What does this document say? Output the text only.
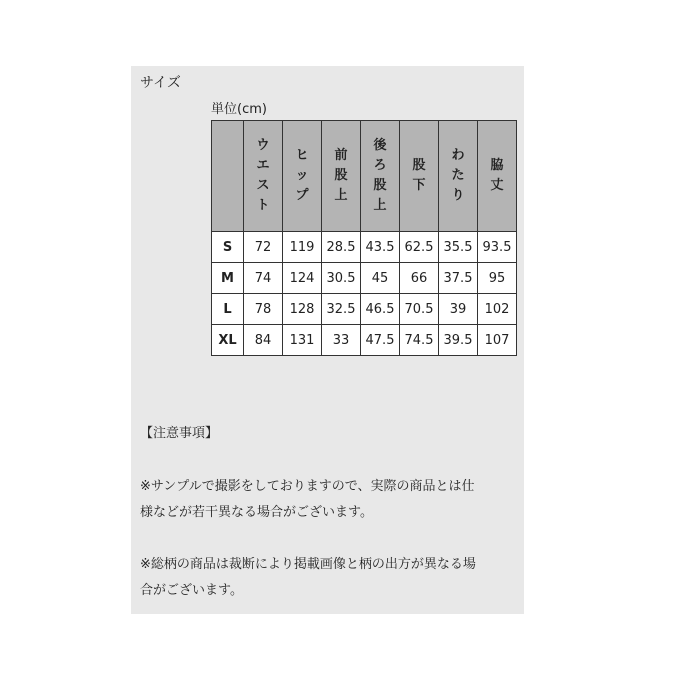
サイズ
単位(cm)

	ウ
エ
ス
ト	ヒ
ッ
プ	前
股
上	後
ろ
股
上	股
下	わ
た
り	脇
丈

S	72	119	28.5	43.5	62.5	35.5	93.5
M	74	124	30.5	45	66	37.5	95
L	78	128	32.5	46.5	70.5	39	102
XL	84	131	33	47.5	74.5	39.5	107
【注意事項】
※サンプルで撮影をしておりますので、実際の商品とは仕
様などが若干異なる場合がございます。
※総柄の商品は裁断により掲載画像と柄の出方が異なる場
合がございます。
